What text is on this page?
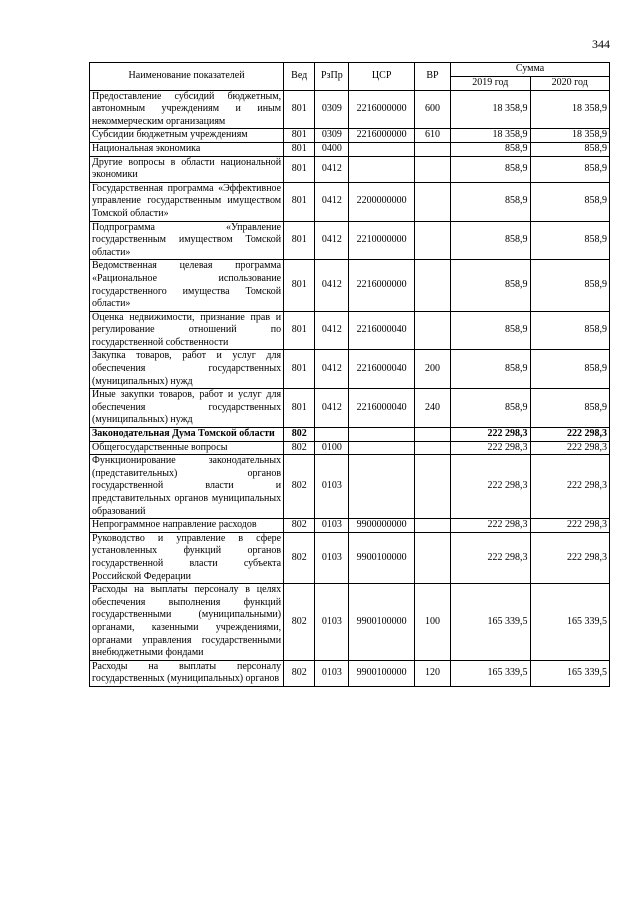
344
Наименование показателей	Вед	РзПр	ЦСР	ВР	Сумма	
					2019 год	2020 год
Предоставление субсидий бюджетным, автономным учреждениям и иным некоммерческим организациям	801	0309	2216000000	600	18 358,9	18 358,9
Субсидии бюджетным учреждениям	801	0309	2216000000	610	18 358,9	18 358,9
Национальная экономика	801	0400			858,9	858,9
Другие вопросы в области национальной экономики	801	0412			858,9	858,9
Государственная программа «Эффективное управление государственным имуществом Томской области»	801	0412	2200000000		858,9	858,9
Подпрограмма «Управление государственным имуществом Томской области»	801	0412	2210000000		858,9	858,9
Ведомственная целевая программа «Рациональное использование государственного имущества Томской области»	801	0412	2216000000		858,9	858,9
Оценка недвижимости, признание прав и регулирование отношений по государственной собственности	801	0412	2216000040		858,9	858,9
Закупка товаров, работ и услуг для обеспечения государственных (муниципальных) нужд	801	0412	2216000040	200	858,9	858,9
Иные закупки товаров, работ и услуг для обеспечения государственных (муниципальных) нужд	801	0412	2216000040	240	858,9	858,9
Законодательная Дума Томской области	802				222 298,3	222 298,3
Общегосударственные вопросы	802	0100			222 298,3	222 298,3
Функционирование законодательных (представительных) органов государственной власти и представительных органов муниципальных образований	802	0103			222 298,3	222 298,3
Непрограммное направление расходов	802	0103	9900000000		222 298,3	222 298,3
Руководство и управление в сфере установленных функций органов государственной власти субъекта Российской Федерации	802	0103	9900100000		222 298,3	222 298,3
Расходы на выплаты персоналу в целях обеспечения выполнения функций государственными (муниципальными) органами, казенными учреждениями, органами управления государственными внебюджетными фондами	802	0103	9900100000	100	165 339,5	165 339,5
Расходы на выплаты персоналу государственных (муниципальных) органов	802	0103	9900100000	120	165 339,5	165 339,5
